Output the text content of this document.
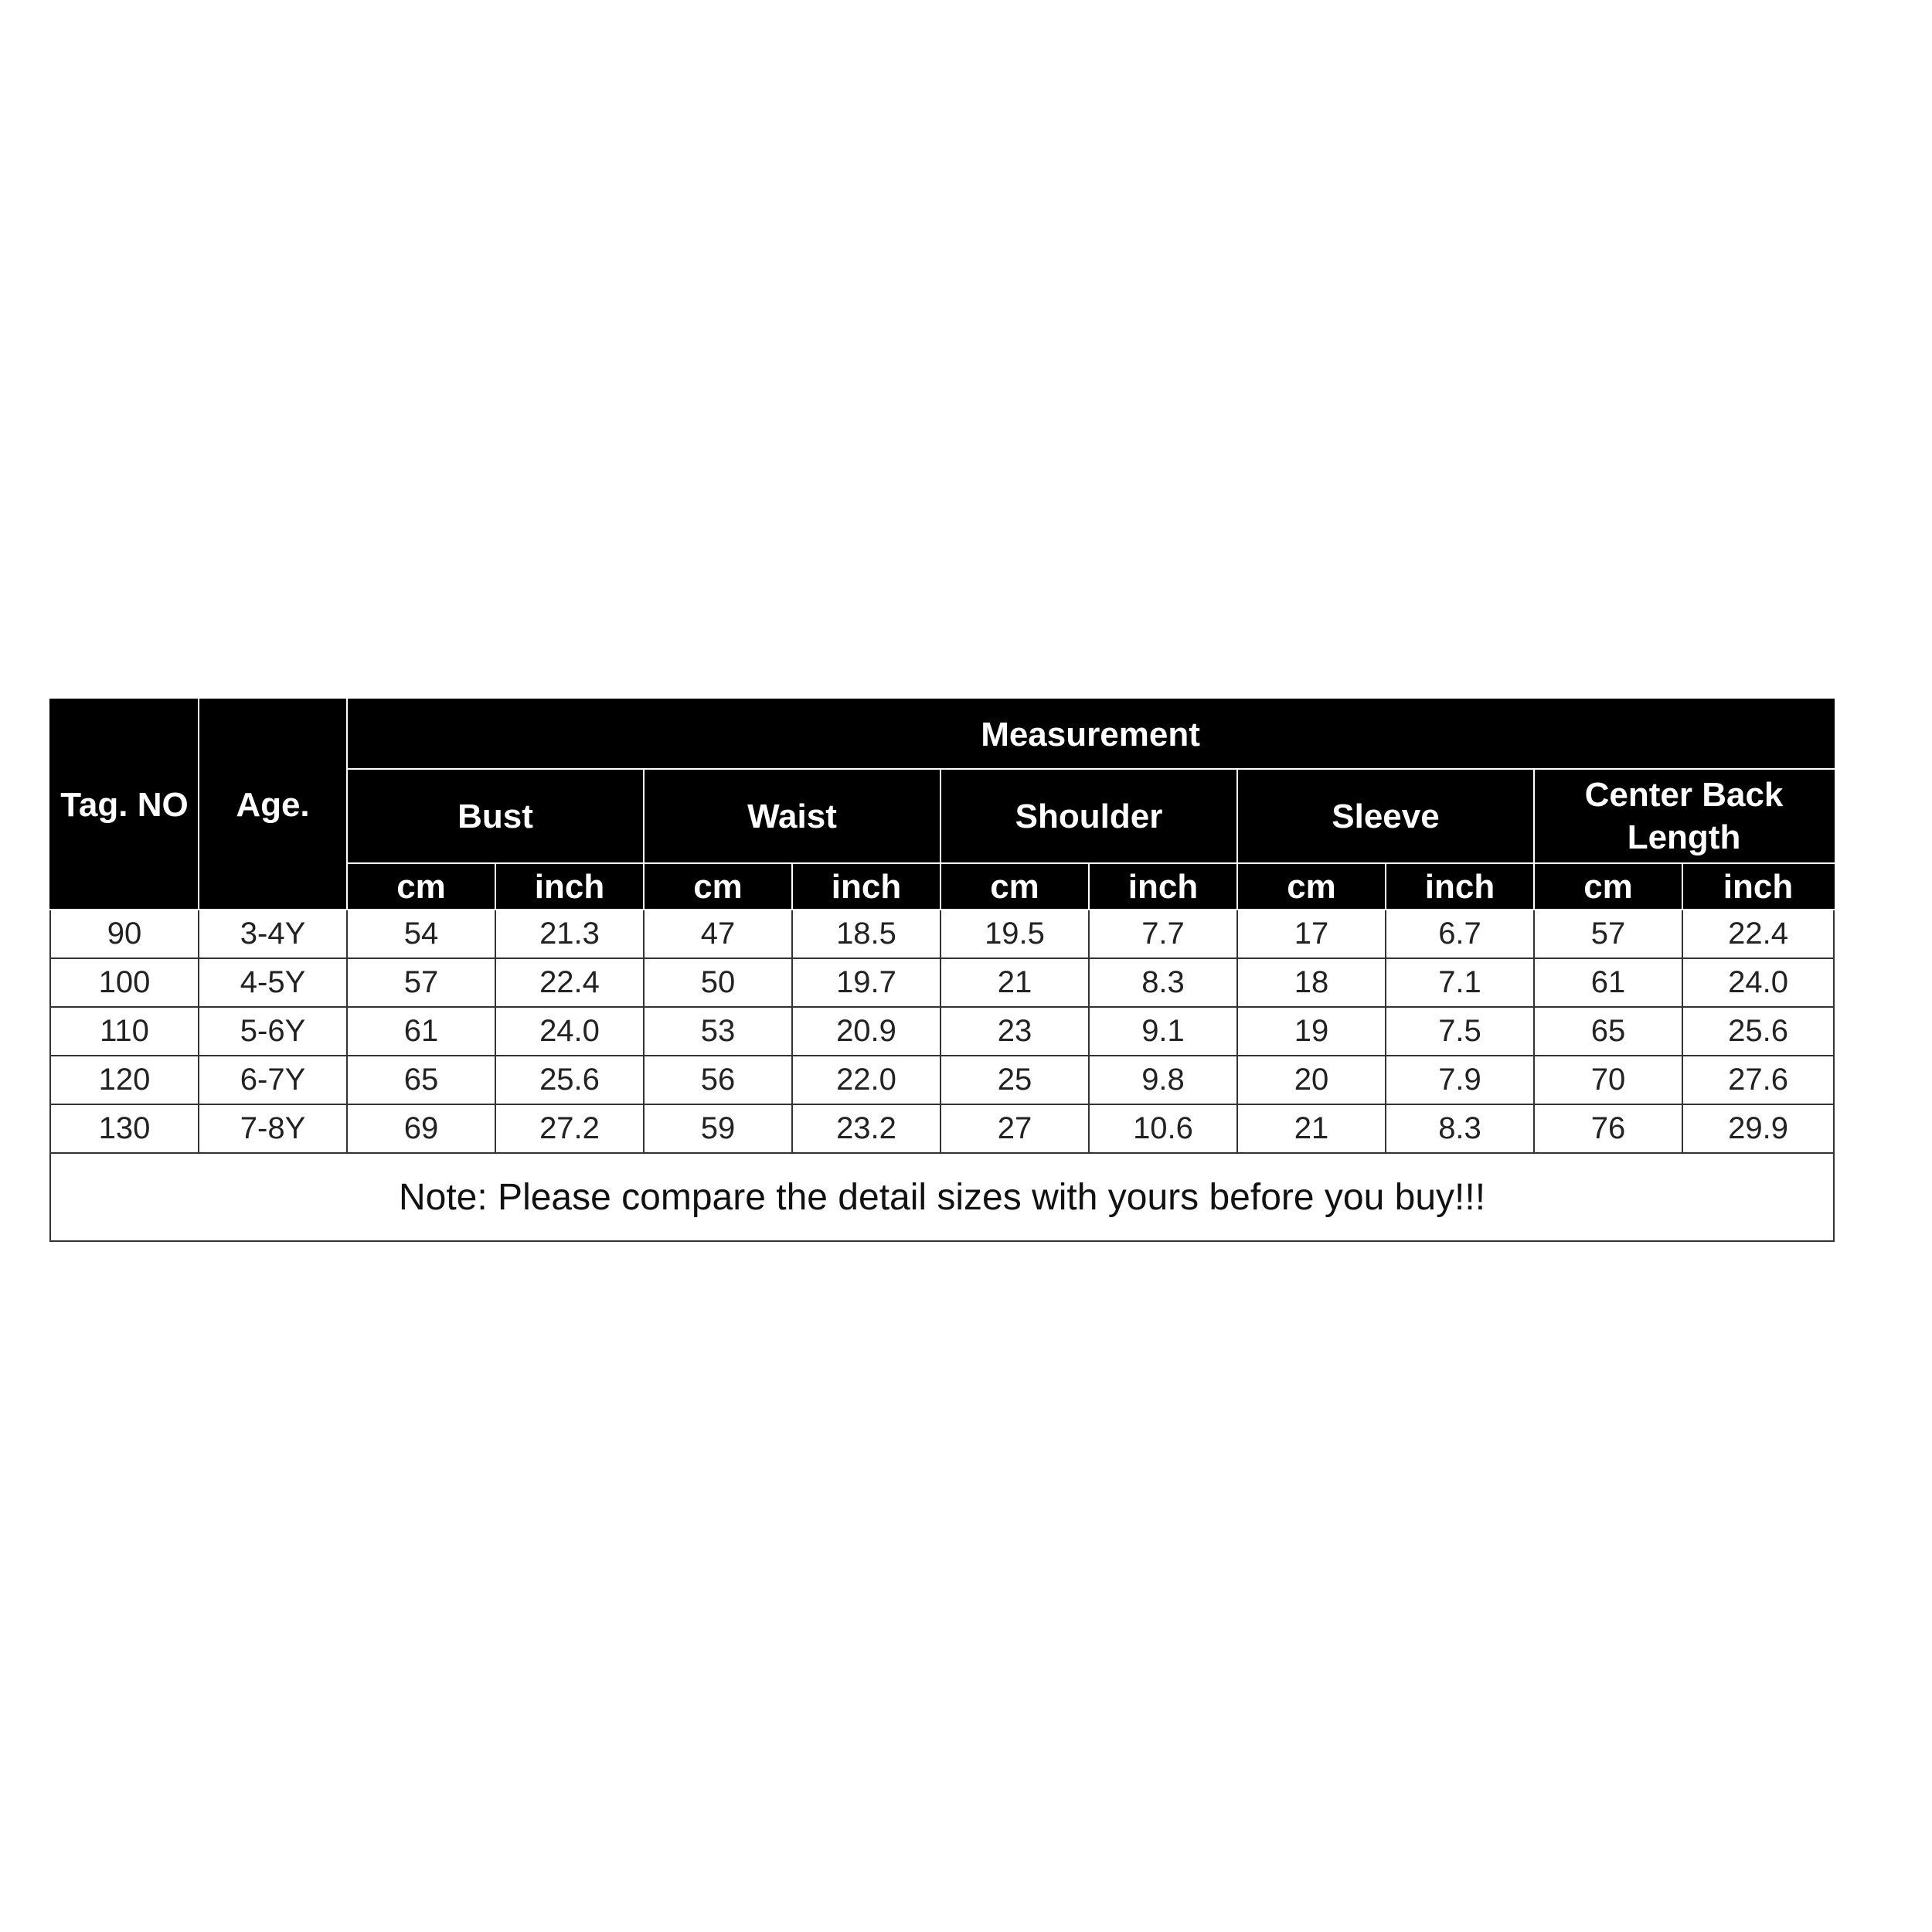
Tag. NO	Age.	Measurement									
		Bust		Waist		Shoulder		Sleeve		Center Back Length	
		cm	inch	cm	inch	cm	inch	cm	inch	cm	inch
90	3-4Y	54	21.3	47	18.5	19.5	7.7	17	6.7	57	22.4
100	4-5Y	57	22.4	50	19.7	21	8.3	18	7.1	61	24.0
110	5-6Y	61	24.0	53	20.9	23	9.1	19	7.5	65	25.6
120	6-7Y	65	25.6	56	22.0	25	9.8	20	7.9	70	27.6
130	7-8Y	69	27.2	59	23.2	27	10.6	21	8.3	76	29.9
Note: Please compare the detail sizes with yours before you buy!!!											
